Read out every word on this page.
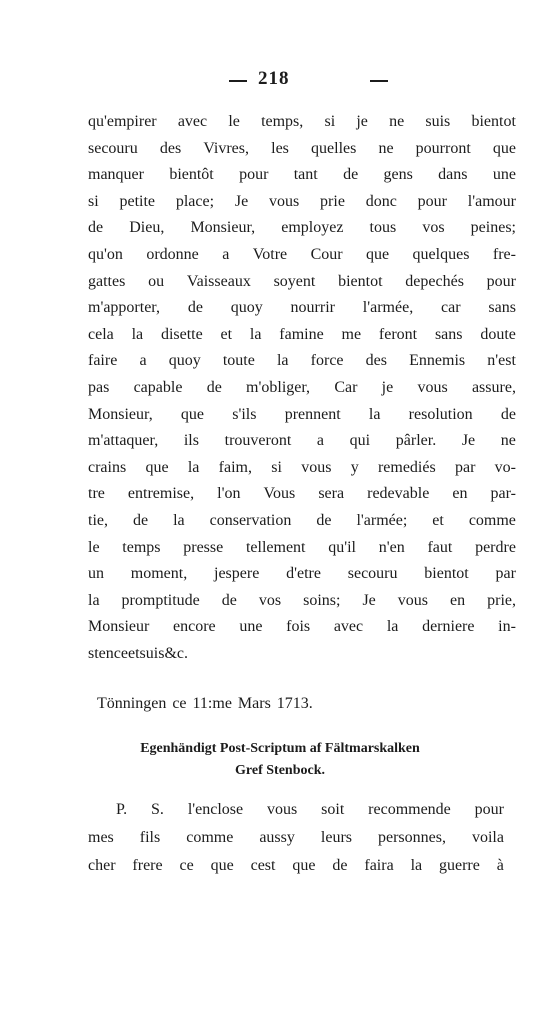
218
qu'empirer avec le temps, si je ne suis bientot
secouru des Vivres, les quelles ne pourront que
manquer bientôt pour tant de gens dans une
si petite place; Je vous prie donc pour l'amour
de Dieu, Monsieur, employez tous vos peines;
qu'on ordonne a Votre Cour que quelques fre-
gattes ou Vaisseaux soyent bientot depechés pour
m'apporter, de quoy nourrir l'armée, car sans
cela la disette et la famine me feront sans doute
faire a quoy toute la force des Ennemis n'est
pas capable de m'obliger, Car je vous assure,
Monsieur, que s'ils prennent la resolution de
m'attaquer, ils trouveront a qui pârler. Je ne
crains que la faim, si vous y remediés par vo-
tre entremise, l'on Vous sera redevable en par-
tie, de la conservation de l'armée; et comme
le temps presse tellement qu'il n'en faut perdre
un moment, jespere d'etre secouru bientot par
la promptitude de vos soins; Je vous en prie,
Monsieur encore une fois avec la derniere in-
stence et suis &c.
Tönningen ce 11:me Mars 1713.
Egenhändigt Post-Scriptum af Fältmarskalken
Gref Stenbock.
P. S. l'enclose vous soit recommende pour
mes fils comme aussy leurs personnes, voila
cher frere ce que cest que de faira la guerre à
